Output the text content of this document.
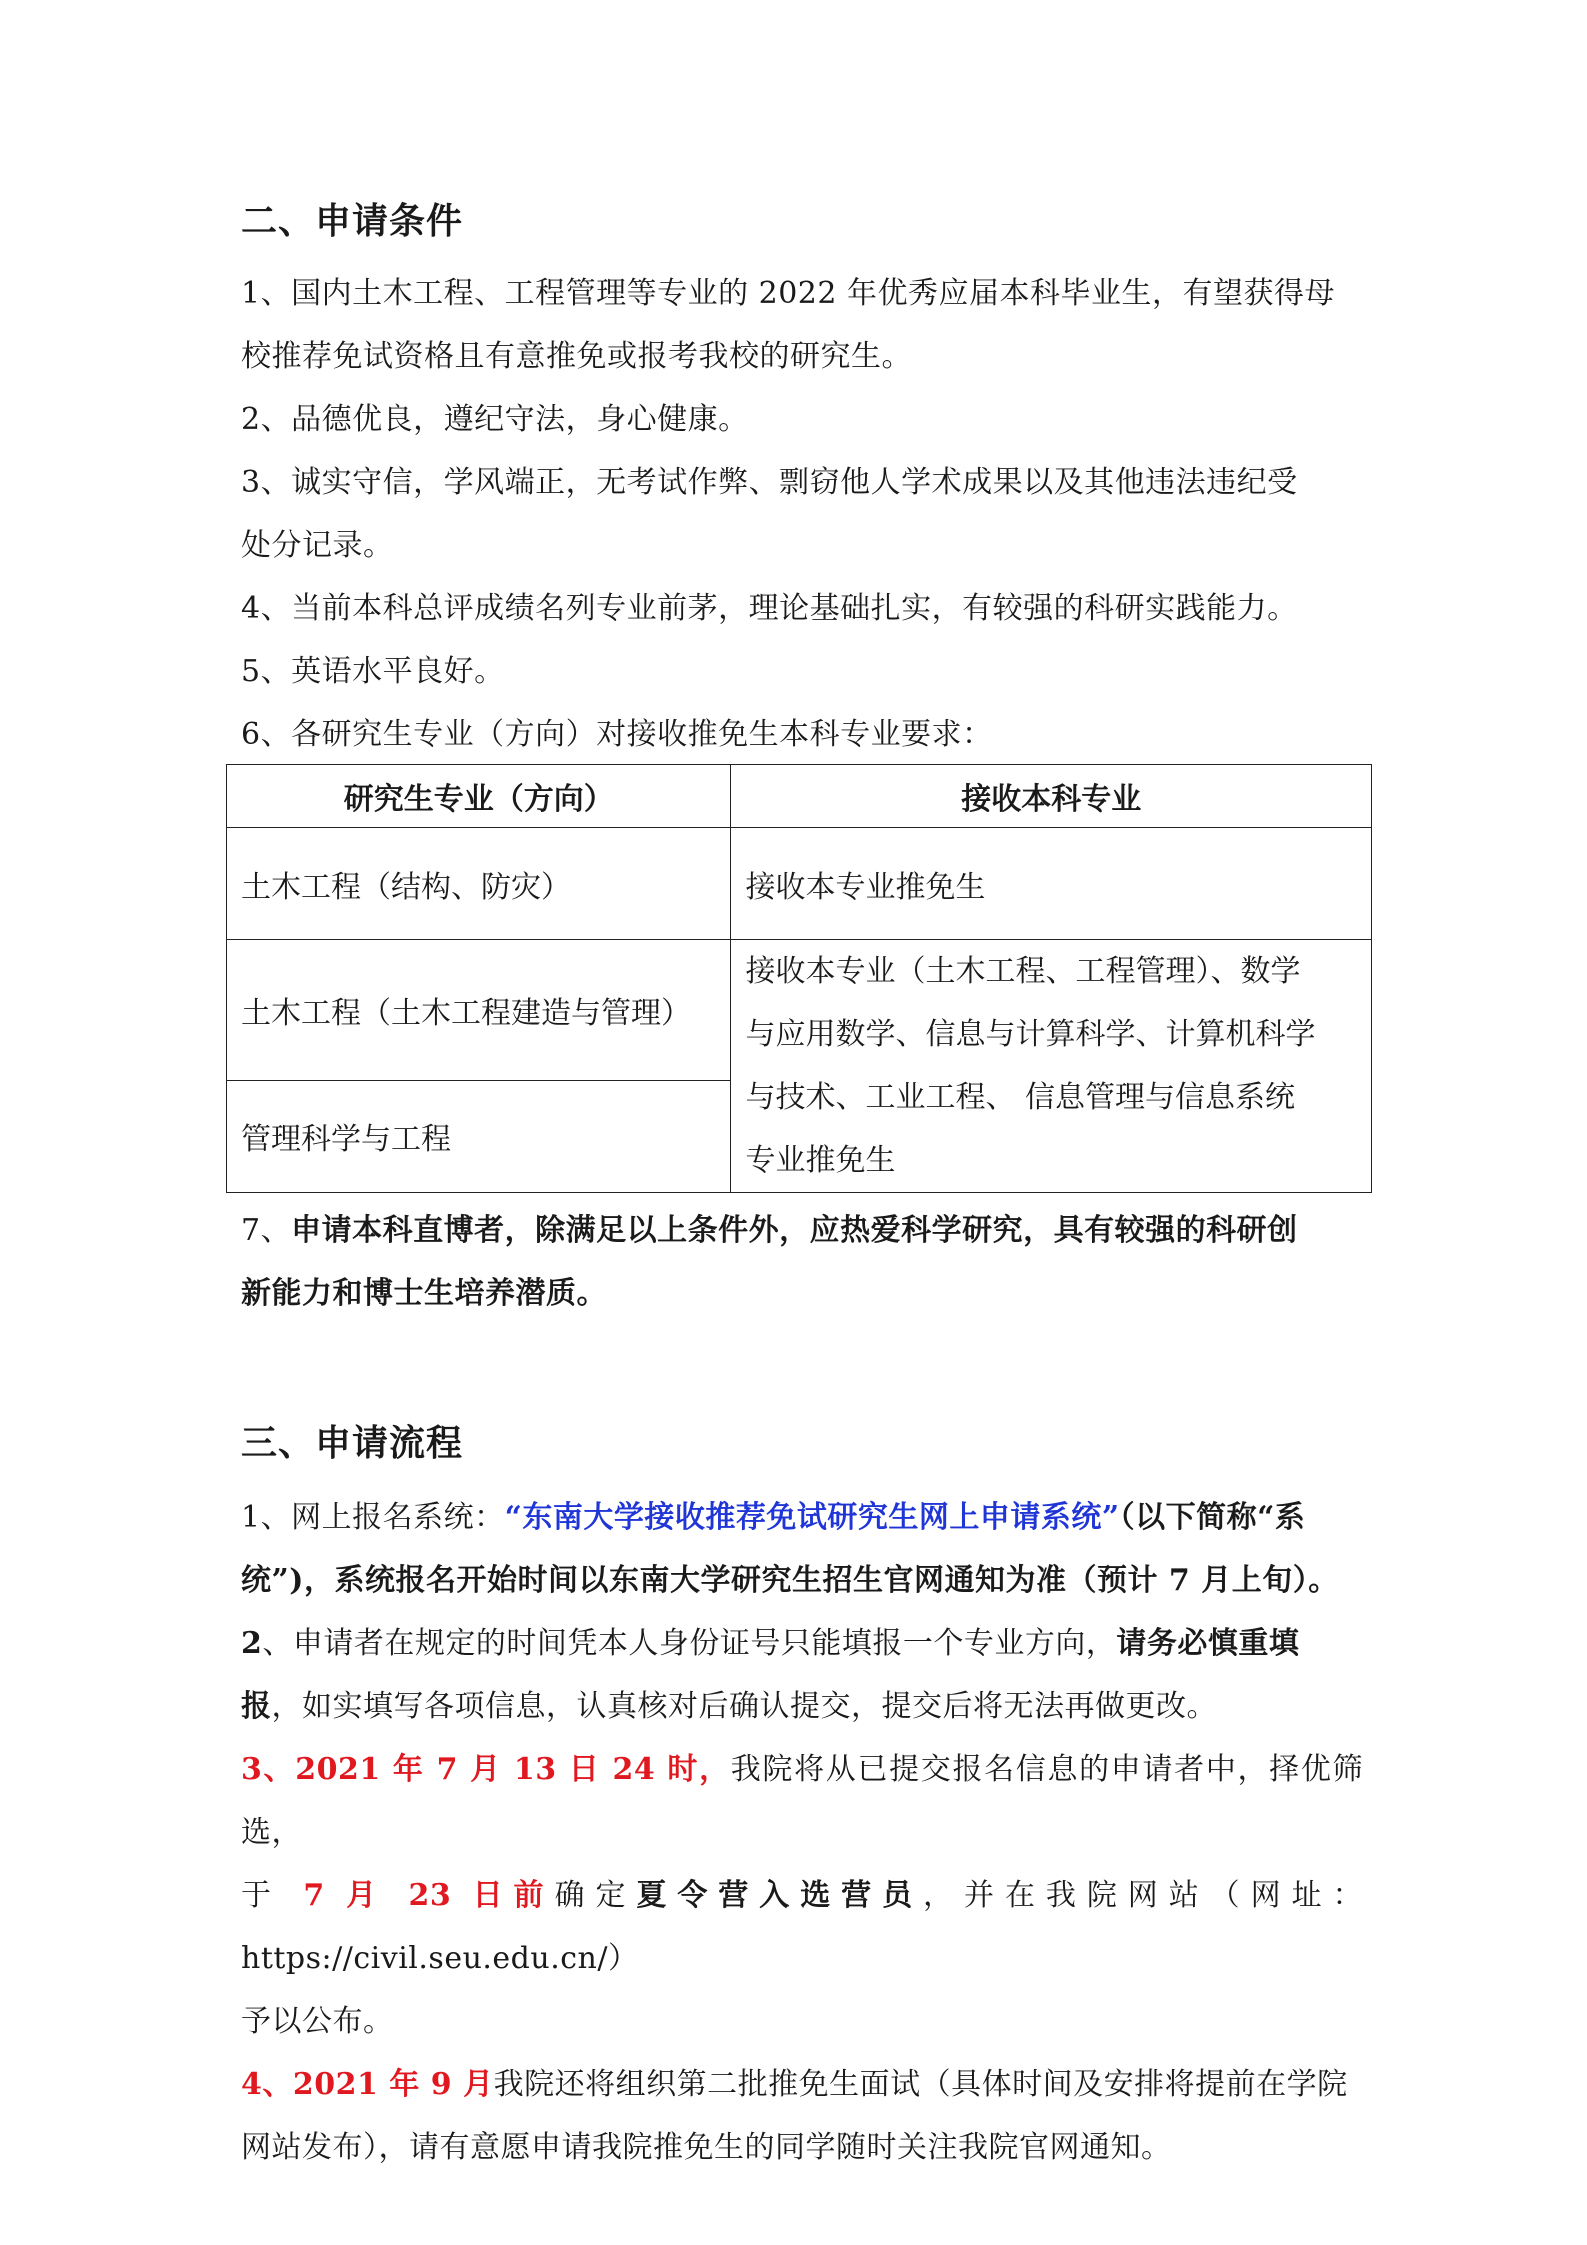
二、申请条件

1、国内土木工程、工程管理等专业的 2022 年优秀应届本科毕业生，有望获得母

校推荐免试资格且有意推免或报考我校的研究生。

2、品德优良，遵纪守法，身心健康。

3、诚实守信，学风端正，无考试作弊、剽窃他人学术成果以及其他违法违纪受

处分记录。

4、当前本科总评成绩名列专业前茅，理论基础扎实，有较强的科研实践能力。

5、英语水平良好。

6、各研究生专业（方向）对接收推免生本科专业要求：

研究生专业（方向）	接收本科专业
土木工程（结构、防灾）	接收本专业推免生
土木工程（土木工程建造与管理）	接收本专业（土木工程、工程管理）、数学
与应用数学、信息与计算科学、计算机科学
与技术、工业工程、 信息管理与信息系统
专业推免生

管理科学与工程	

7、申请本科直博者，除满足以上条件外，应热爱科学研究，具有较强的科研创

新能力和博士生培养潜质。

三、申请流程

1、网上报名系统：“东南大学接收推荐免试研究生网上申请系统”（以下简称“系

统”)，系统报名开始时间以东南大学研究生招生官网通知为准（预计 7 月上旬）。

2、申请者在规定的时间凭本人身份证号只能填报一个专业方向，请务必慎重填

报，如实填写各项信息，认真核对后确认提交，提交后将无法再做更改。

3、2021 年 7 月 13 日 24 时，我院将从已提交报名信息的申请者中，择优筛选，

于 7 月 23 日前确定夏令营入选营员，并在我院网站（网址：https://civil.seu.edu.cn/）

予以公布。

4、2021 年 9 月我院还将组织第二批推免生面试（具体时间及安排将提前在学院

网站发布），请有意愿申请我院推免生的同学随时关注我院官网通知。
